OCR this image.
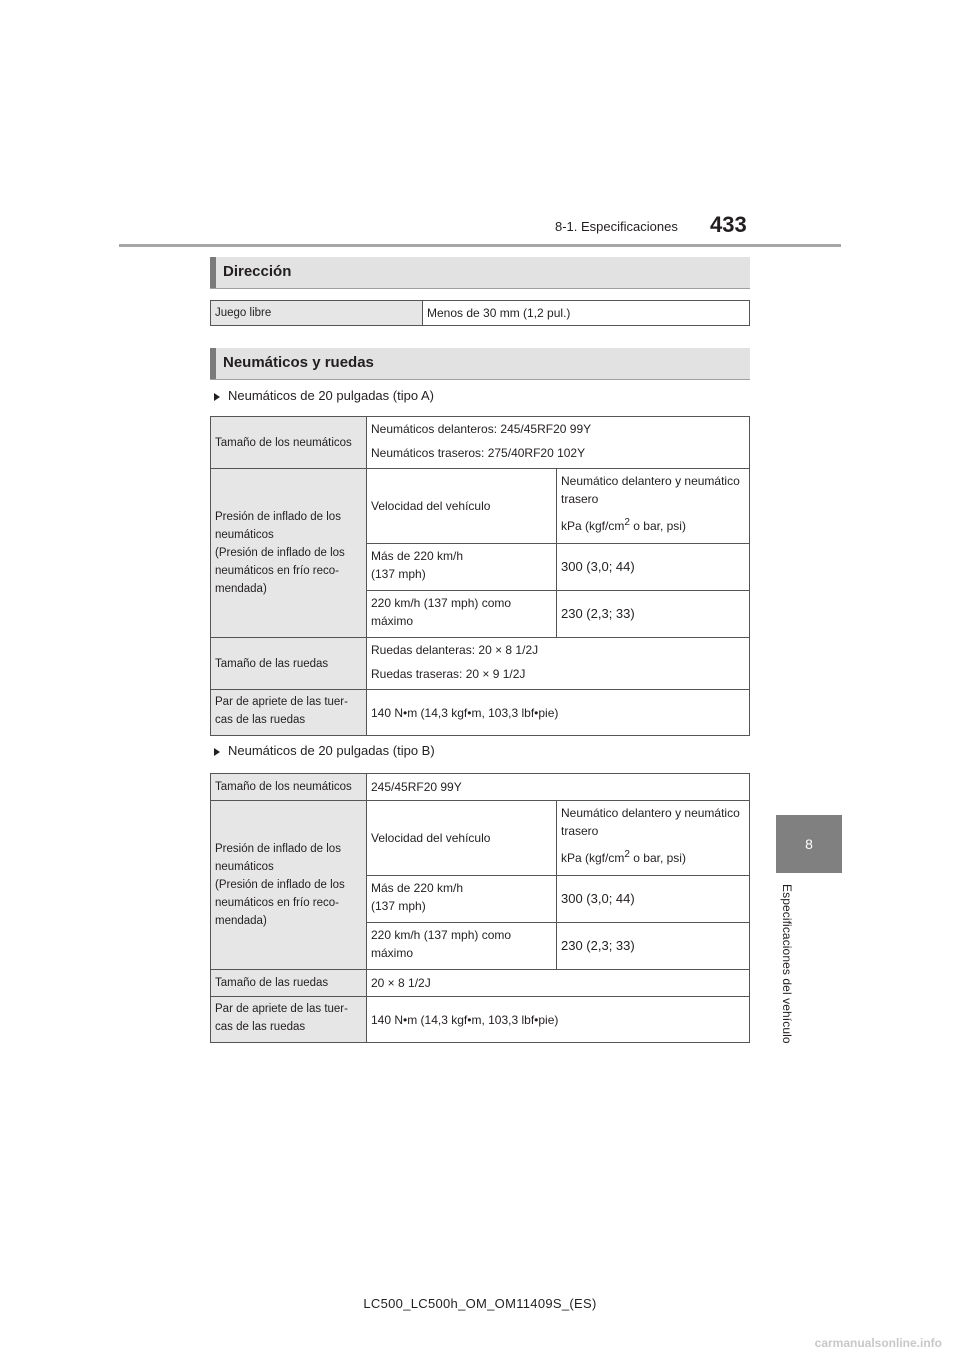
8-1. Especificaciones 433
8
Especificaciones del vehículo
Dirección
Juego libre	Menos de 30 mm (1,2 pul.)
Neumáticos y ruedas
Neumáticos de 20 pulgadas (tipo A)
Tamaño de los neumáticos	Neumáticos delanteros: 245/45RF20 99Y
Neumáticos traseros: 275/40RF20 102Y	

Presión de inflado de los
neumáticos
(Presión de inflado de los
neumáticos en frío reco-
mendada)	Velocidad del vehículo	Neumático delantero y neumático
trasero
kPa ($kgf/cm^2$ o bar, psi)

	Más de 220 km/h
(137 mph)	300 (3,0; 44)
	220 km/h (137 mph) como
máximo	230 (2,3; 33)
Tamaño de las ruedas	Ruedas delanteras: 20 × 8 1/2J
Ruedas traseras: 20 × 9 1/2J	

Par de apriete de las tuer-
cas de las ruedas	140 N•m (14,3 kgf•m, 103,3 lbf•pie)	
Neumáticos de 20 pulgadas (tipo B)
Tamaño de los neumáticos	245/45RF20 99Y	
Presión de inflado de los
neumáticos
(Presión de inflado de los
neumáticos en frío reco-
mendada)	Velocidad del vehículo	Neumático delantero y neumático
trasero
kPa ($kgf/cm^2$ o bar, psi)

	Más de 220 km/h
(137 mph)	300 (3,0; 44)
	220 km/h (137 mph) como
máximo	230 (2,3; 33)
Tamaño de las ruedas	20 × 8 1/2J	
Par de apriete de las tuer-
cas de las ruedas	140 N•m (14,3 kgf•m, 103,3 lbf•pie)	
LC500_LC500h_OM_OM11409S_(ES)
carmanualsonline.info
